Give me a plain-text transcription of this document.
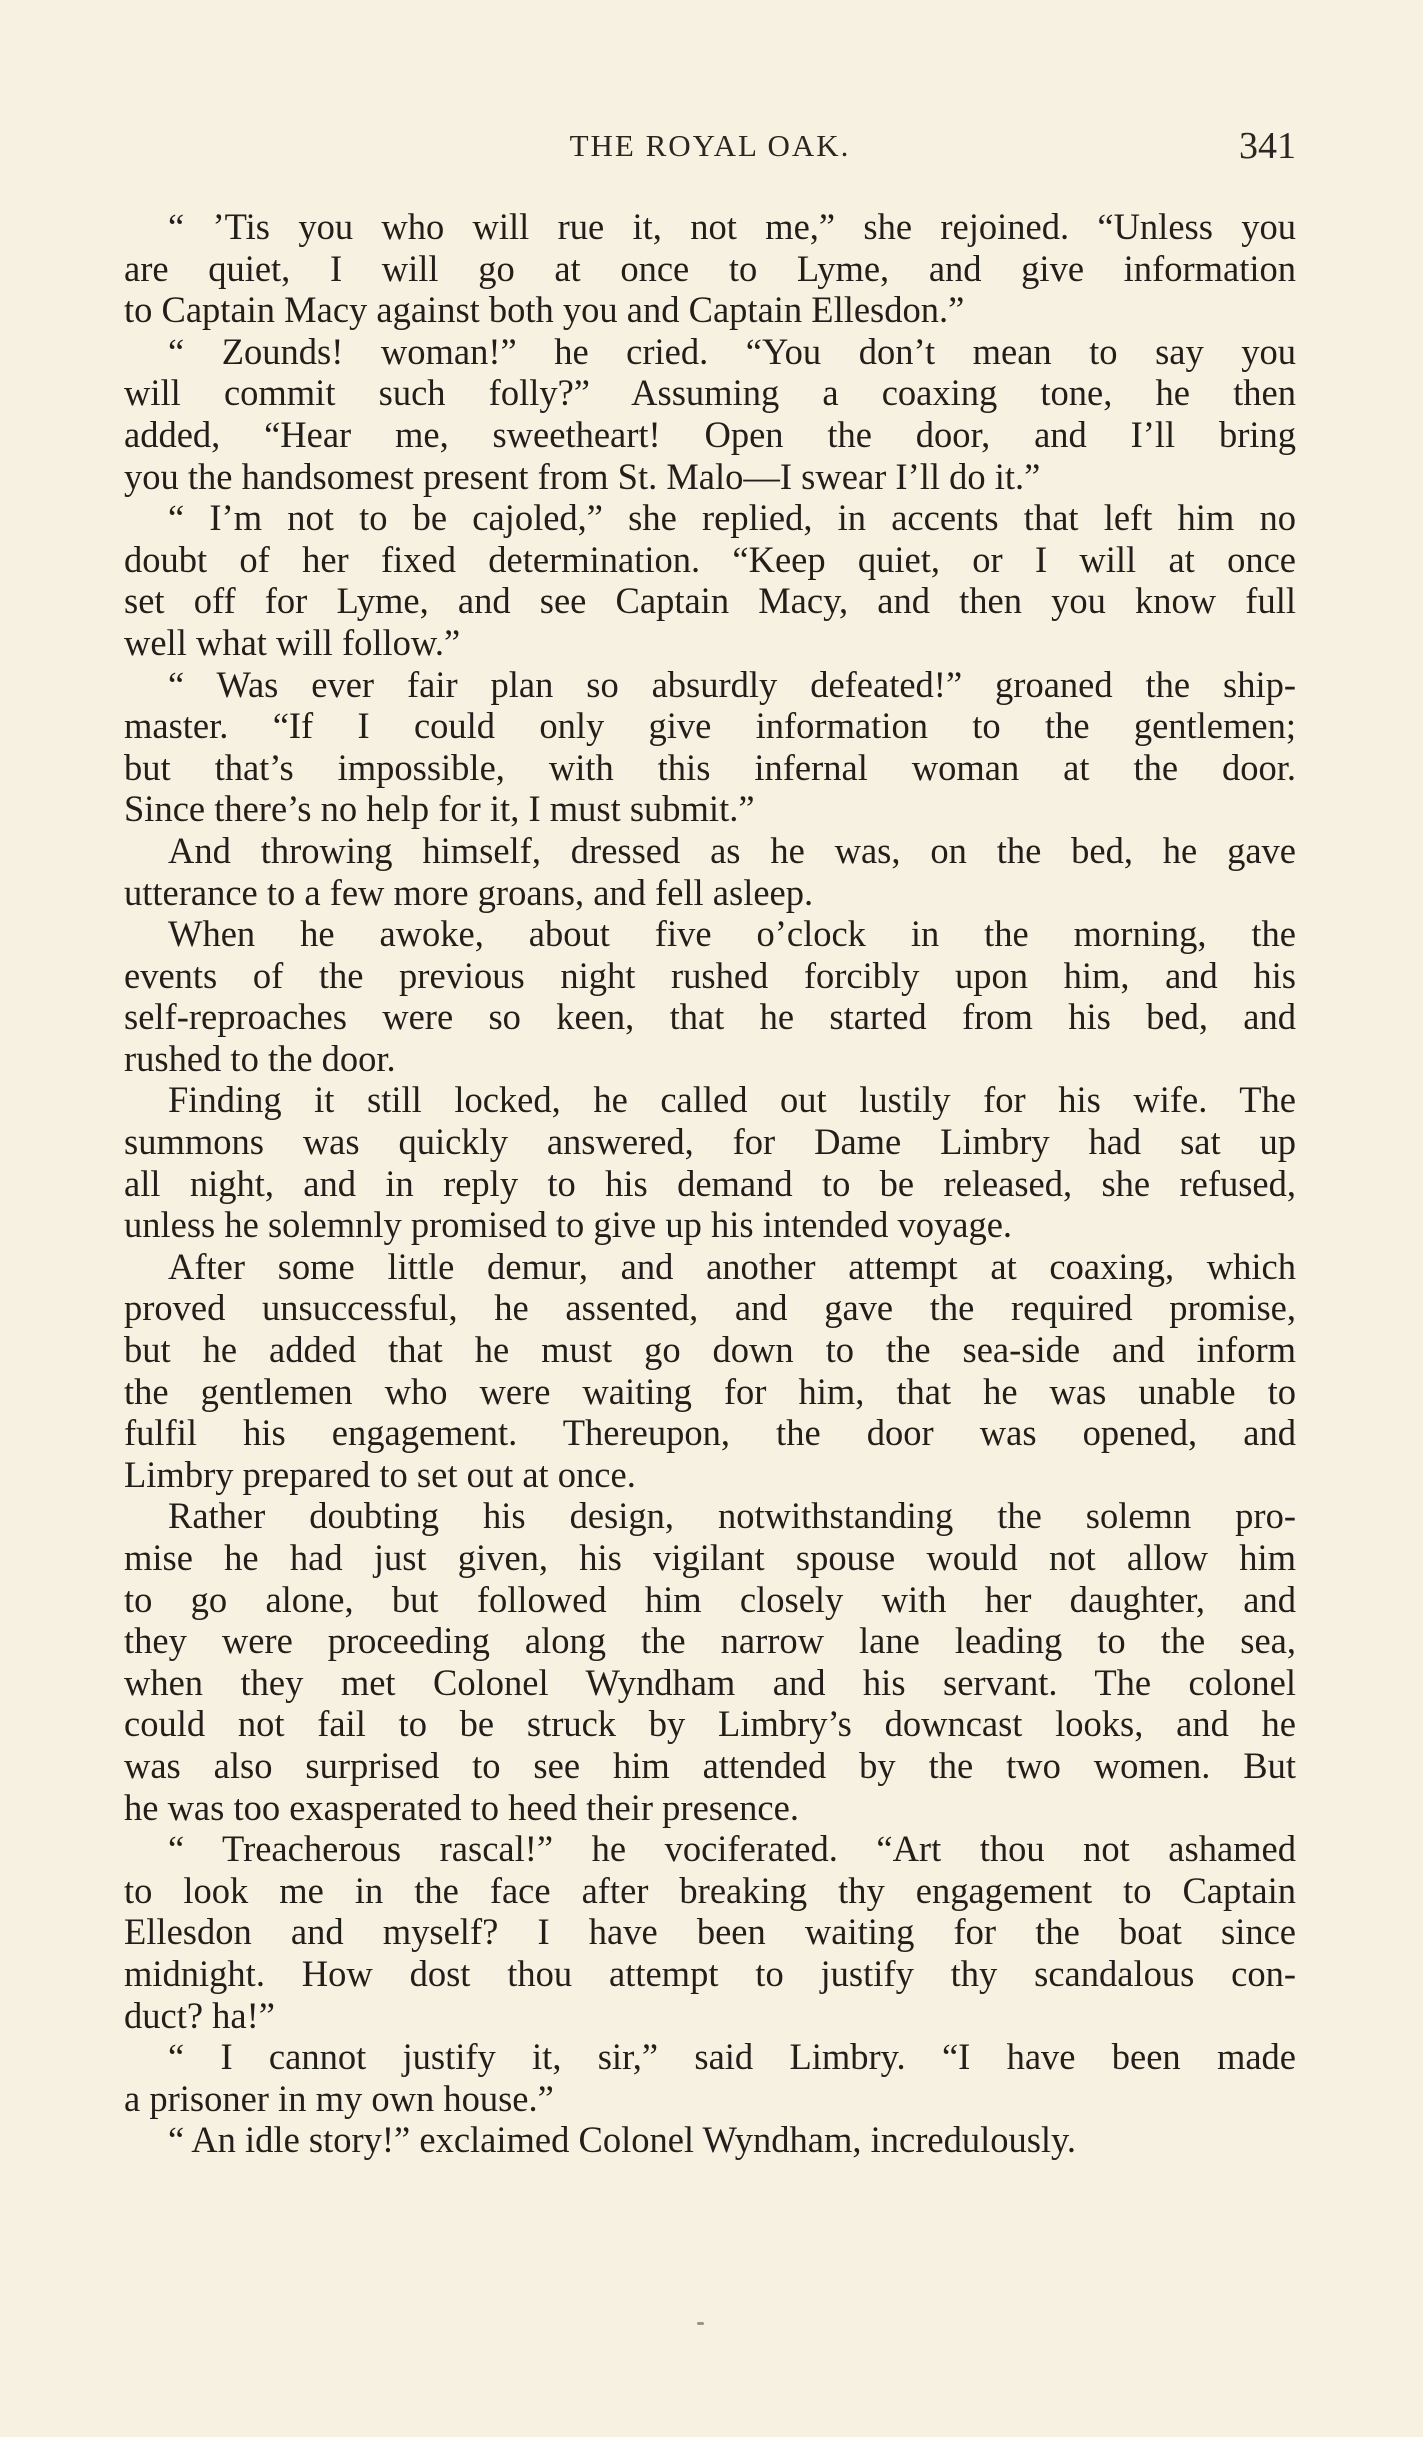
THE ROYAL OAK.	341

“ ’Tis you who will rue it, not me,” she rejoined. “Unless you
are quiet, I will go at once to Lyme, and give information
to Captain Macy against both you and Captain Ellesdon.”

“ Zounds! woman!” he cried. “You don’t mean to say you
will commit such folly?” Assuming a coaxing tone, he then
added, “Hear me, sweetheart! Open the door, and I’ll bring
you the handsomest present from St. Malo—I swear I’ll do it.”

“ I’m not to be cajoled,” she replied, in accents that left him no
doubt of her fixed determination. “Keep quiet, or I will at once
set off for Lyme, and see Captain Macy, and then you know full
well what will follow.”

“ Was ever fair plan so absurdly defeated!” groaned the ship-
master. “If I could only give information to the gentlemen;
but that’s impossible, with this infernal woman at the door.
Since there’s no help for it, I must submit.”

And throwing himself, dressed as he was, on the bed, he gave
utterance to a few more groans, and fell asleep.

When he awoke, about five o’clock in the morning, the
events of the previous night rushed forcibly upon him, and his
self-reproaches were so keen, that he started from his bed, and
rushed to the door.

Finding it still locked, he called out lustily for his wife. The
summons was quickly answered, for Dame Limbry had sat up
all night, and in reply to his demand to be released, she refused,
unless he solemnly promised to give up his intended voyage.

After some little demur, and another attempt at coaxing, which
proved unsuccessful, he assented, and gave the required promise,
but he added that he must go down to the sea-side and inform
the gentlemen who were waiting for him, that he was unable to
fulfil his engagement. Thereupon, the door was opened, and
Limbry prepared to set out at once.

Rather doubting his design, notwithstanding the solemn pro-
mise he had just given, his vigilant spouse would not allow him
to go alone, but followed him closely with her daughter, and
they were proceeding along the narrow lane leading to the sea,
when they met Colonel Wyndham and his servant. The colonel
could not fail to be struck by Limbry’s downcast looks, and he
was also surprised to see him attended by the two women. But
he was too exasperated to heed their presence.

“ Treacherous rascal!” he vociferated. “Art thou not ashamed
to look me in the face after breaking thy engagement to Captain
Ellesdon and myself? I have been waiting for the boat since
midnight. How dost thou attempt to justify thy scandalous con-
duct? ha!”

“ I cannot justify it, sir,” said Limbry. “I have been made
a prisoner in my own house.”

“ An idle story!” exclaimed Colonel Wyndham, incredulously.
